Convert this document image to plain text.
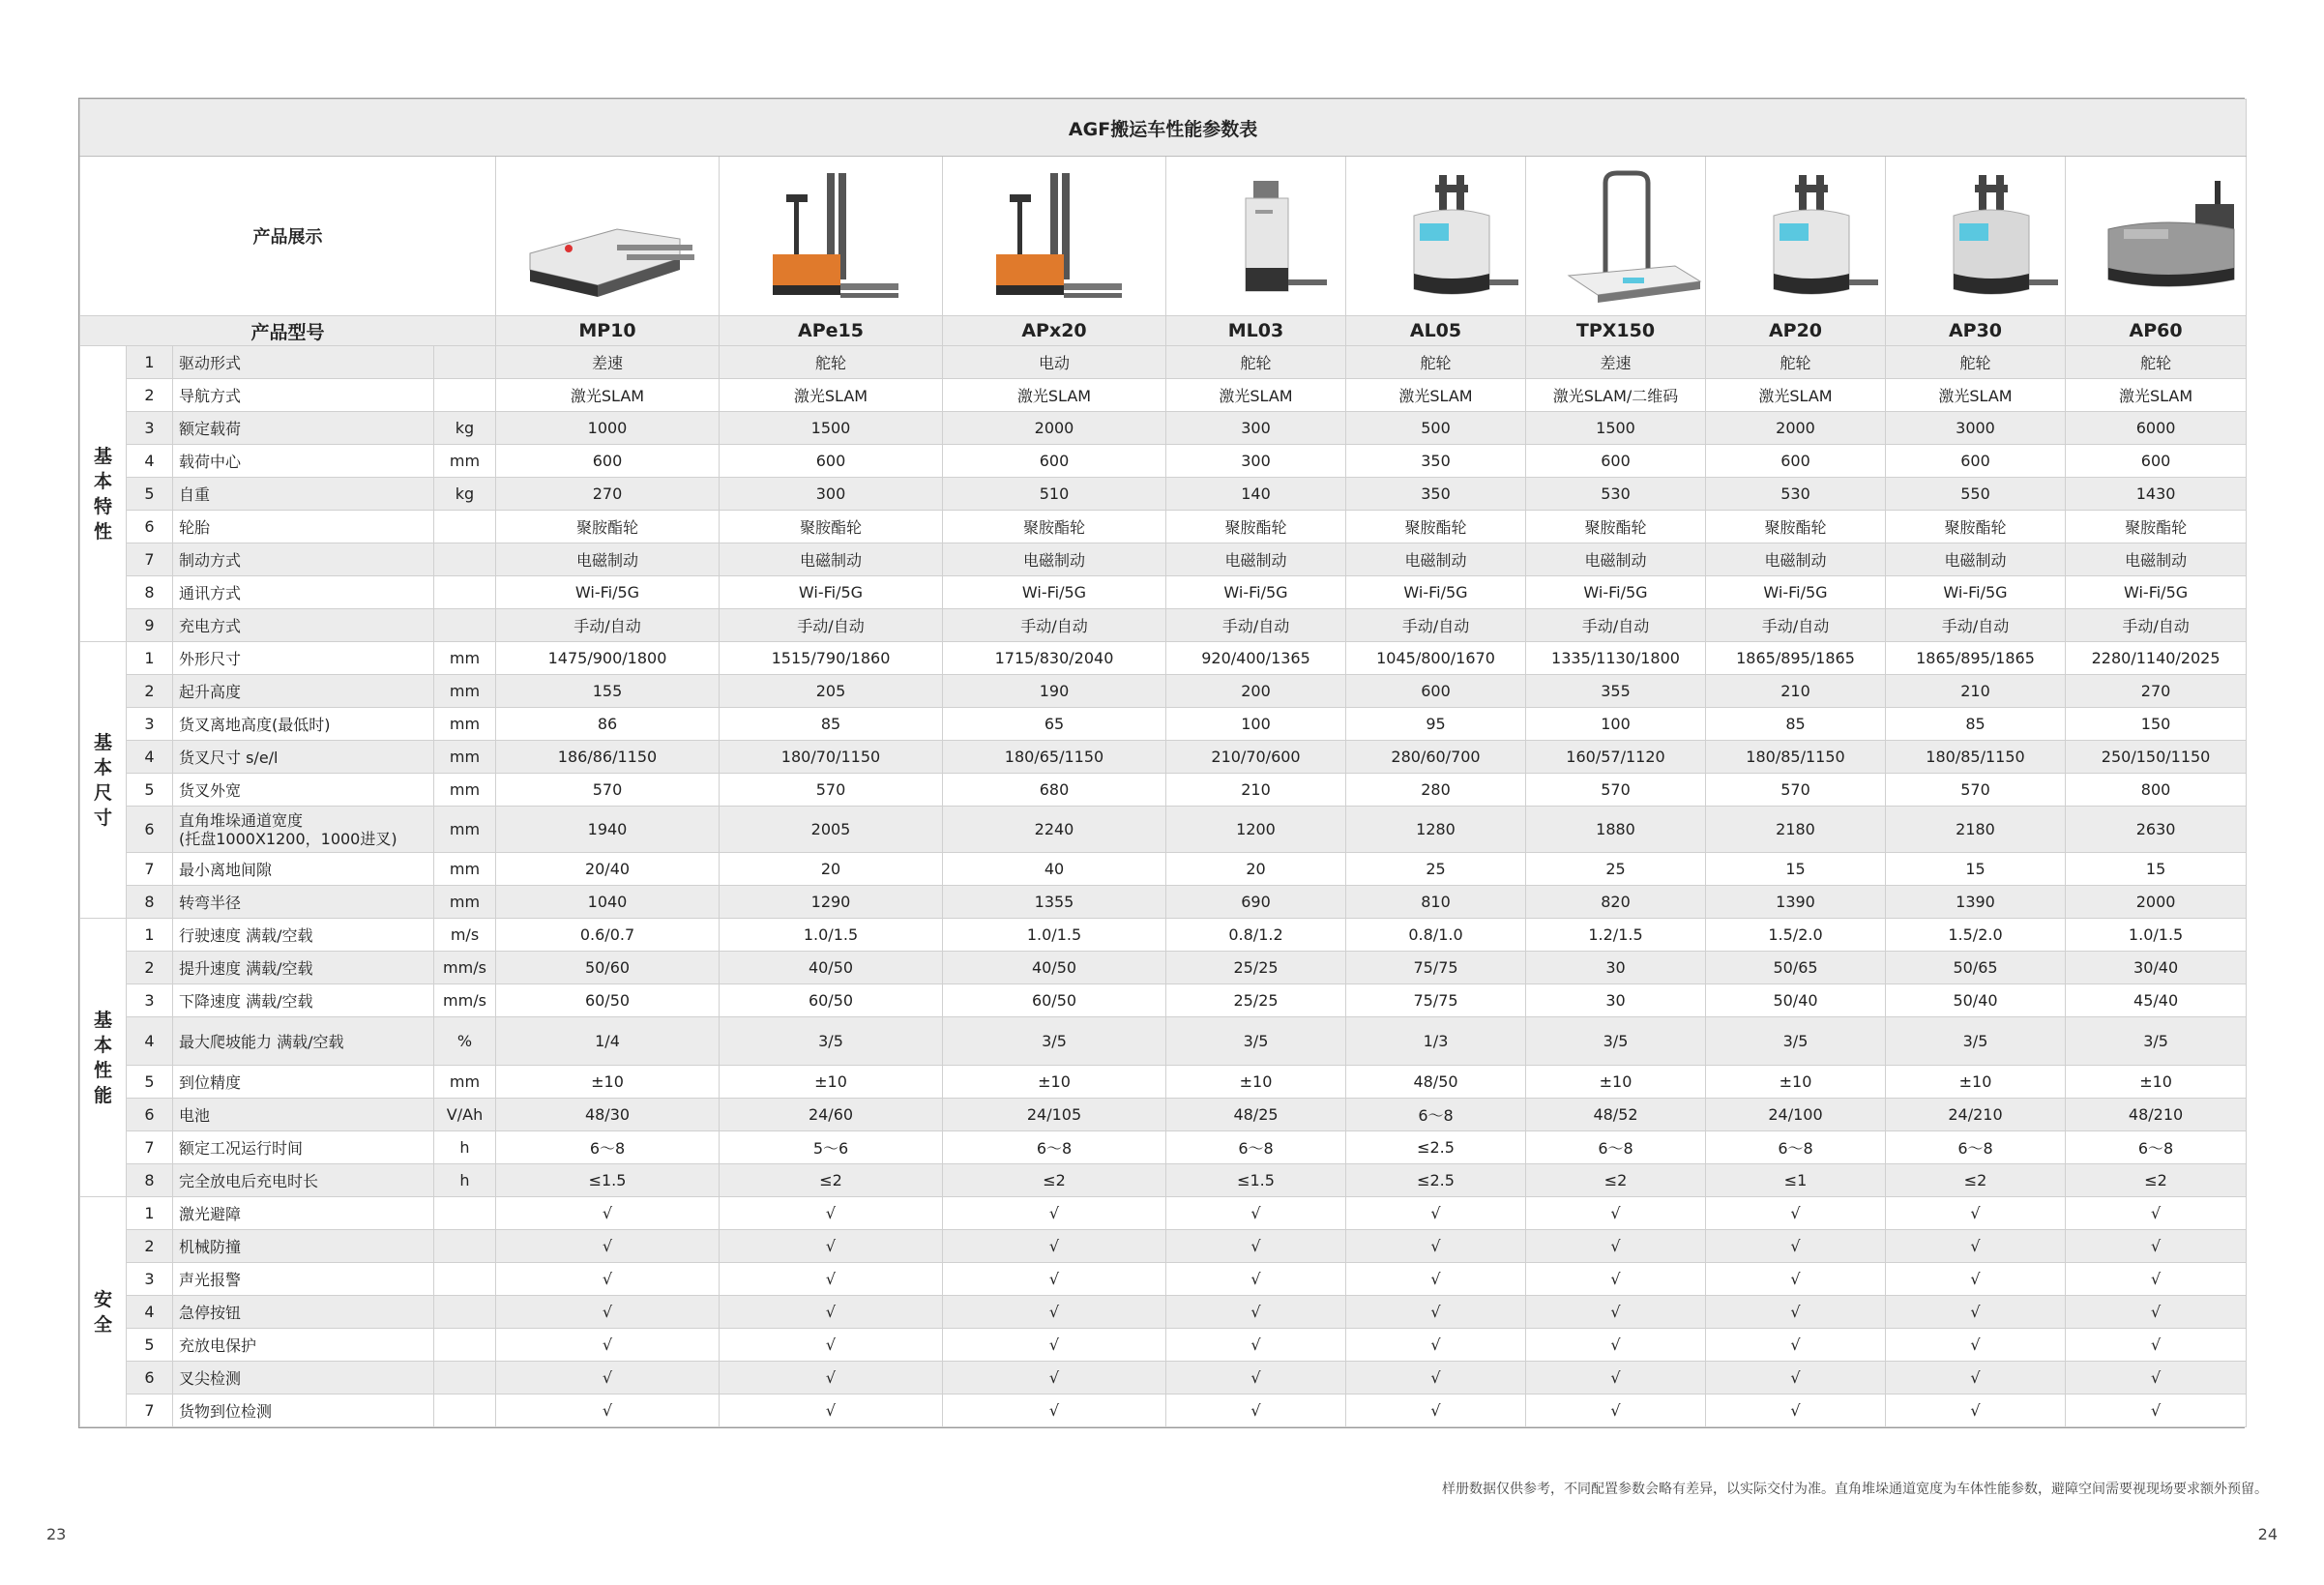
AGF搬运车性能参数表												
产品展示	

产品型号				MP10	APe15	APx20	ML03	AL05	TPX150	AP20	AP30	AP60

基本特性	1	驱动形式		差速	舵轮	电动	舵轮	舵轮	差速	舵轮	舵轮	舵轮
	2	导航方式		激光SLAM	激光SLAM	激光SLAM	激光SLAM	激光SLAM	激光SLAM/二维码	激光SLAM	激光SLAM	激光SLAM
	3	额定载荷	kg	1000	1500	2000	300	500	1500	2000	3000	6000
	4	载荷中心	mm	600	600	600	300	350	600	600	600	600
	5	自重	kg	270	300	510	140	350	530	530	550	1430
	6	轮胎		聚胺酯轮	聚胺酯轮	聚胺酯轮	聚胺酯轮	聚胺酯轮	聚胺酯轮	聚胺酯轮	聚胺酯轮	聚胺酯轮
	7	制动方式		电磁制动	电磁制动	电磁制动	电磁制动	电磁制动	电磁制动	电磁制动	电磁制动	电磁制动
	8	通讯方式		Wi-Fi/5G	Wi-Fi/5G	Wi-Fi/5G	Wi-Fi/5G	Wi-Fi/5G	Wi-Fi/5G	Wi-Fi/5G	Wi-Fi/5G	Wi-Fi/5G
	9	充电方式		手动/自动	手动/自动	手动/自动	手动/自动	手动/自动	手动/自动	手动/自动	手动/自动	手动/自动

基本尺寸	1	外形尺寸	mm	1475/900/1800	1515/790/1860	1715/830/2040	920/400/1365	1045/800/1670	1335/1130/1800	1865/895/1865	1865/895/1865	2280/1140/2025
	2	起升高度	mm	155	205	190	200	600	355	210	210	270
	3	货叉离地高度(最低时)	mm	86	85	65	100	95	100	85	85	150
	4	货叉尺寸 s/e/l	mm	186/86/1150	180/70/1150	180/65/1150	210/70/600	280/60/700	160/57/1120	180/85/1150	180/85/1150	250/150/1150
	5	货叉外宽	mm	570	570	680	210	280	570	570	570	800
	6	直角堆垛通道宽度
(托盘1000X1200，1000进叉)	mm	1940	2005	2240	1200	1280	1880	2180	2180	2630
	7	最小离地间隙	mm	20/40	20	40	20	25	25	15	15	15
	8	转弯半径	mm	1040	1290	1355	690	810	820	1390	1390	2000

基本性能	1	行驶速度 满载/空载	m/s	0.6/0.7	1.0/1.5	1.0/1.5	0.8/1.2	0.8/1.0	1.2/1.5	1.5/2.0	1.5/2.0	1.0/1.5
	2	提升速度 满载/空载	mm/s	50/60	40/50	40/50	25/25	75/75	30	50/65	50/65	30/40
	3	下降速度 满载/空载	mm/s	60/50	60/50	60/50	25/25	75/75	30	50/40	50/40	45/40
	4	最大爬坡能力 满载/空载	%	1/4	3/5	3/5	3/5	1/3	3/5	3/5	3/5	3/5
	5	到位精度	mm	±10	±10	±10	±10	48/50	±10	±10	±10	±10
	6	电池	V/Ah	48/30	24/60	24/105	48/25	6～8	48/52	24/100	24/210	48/210
	7	额定工况运行时间	h	6～8	5～6	6～8	6～8	≤2.5	6～8	6～8	6～8	6～8
	8	完全放电后充电时长	h	≤1.5	≤2	≤2	≤1.5	≤2.5	≤2	≤1	≤2	≤2

安全	1	激光避障		√	√	√	√	√	√	√	√	√
	2	机械防撞		√	√	√	√	√	√	√	√	√
	3	声光报警		√	√	√	√	√	√	√	√	√
	4	急停按钮		√	√	√	√	√	√	√	√	√
	5	充放电保护		√	√	√	√	√	√	√	√	√
	6	叉尖检测		√	√	√	√	√	√	√	√	√
	7	货物到位检测		√	√	√	√	√	√	√	√	√
样册数据仅供参考，不同配置参数会略有差异，以实际交付为准。直角堆垛通道宽度为车体性能参数，避障空间需要视现场要求额外预留。
23	24
